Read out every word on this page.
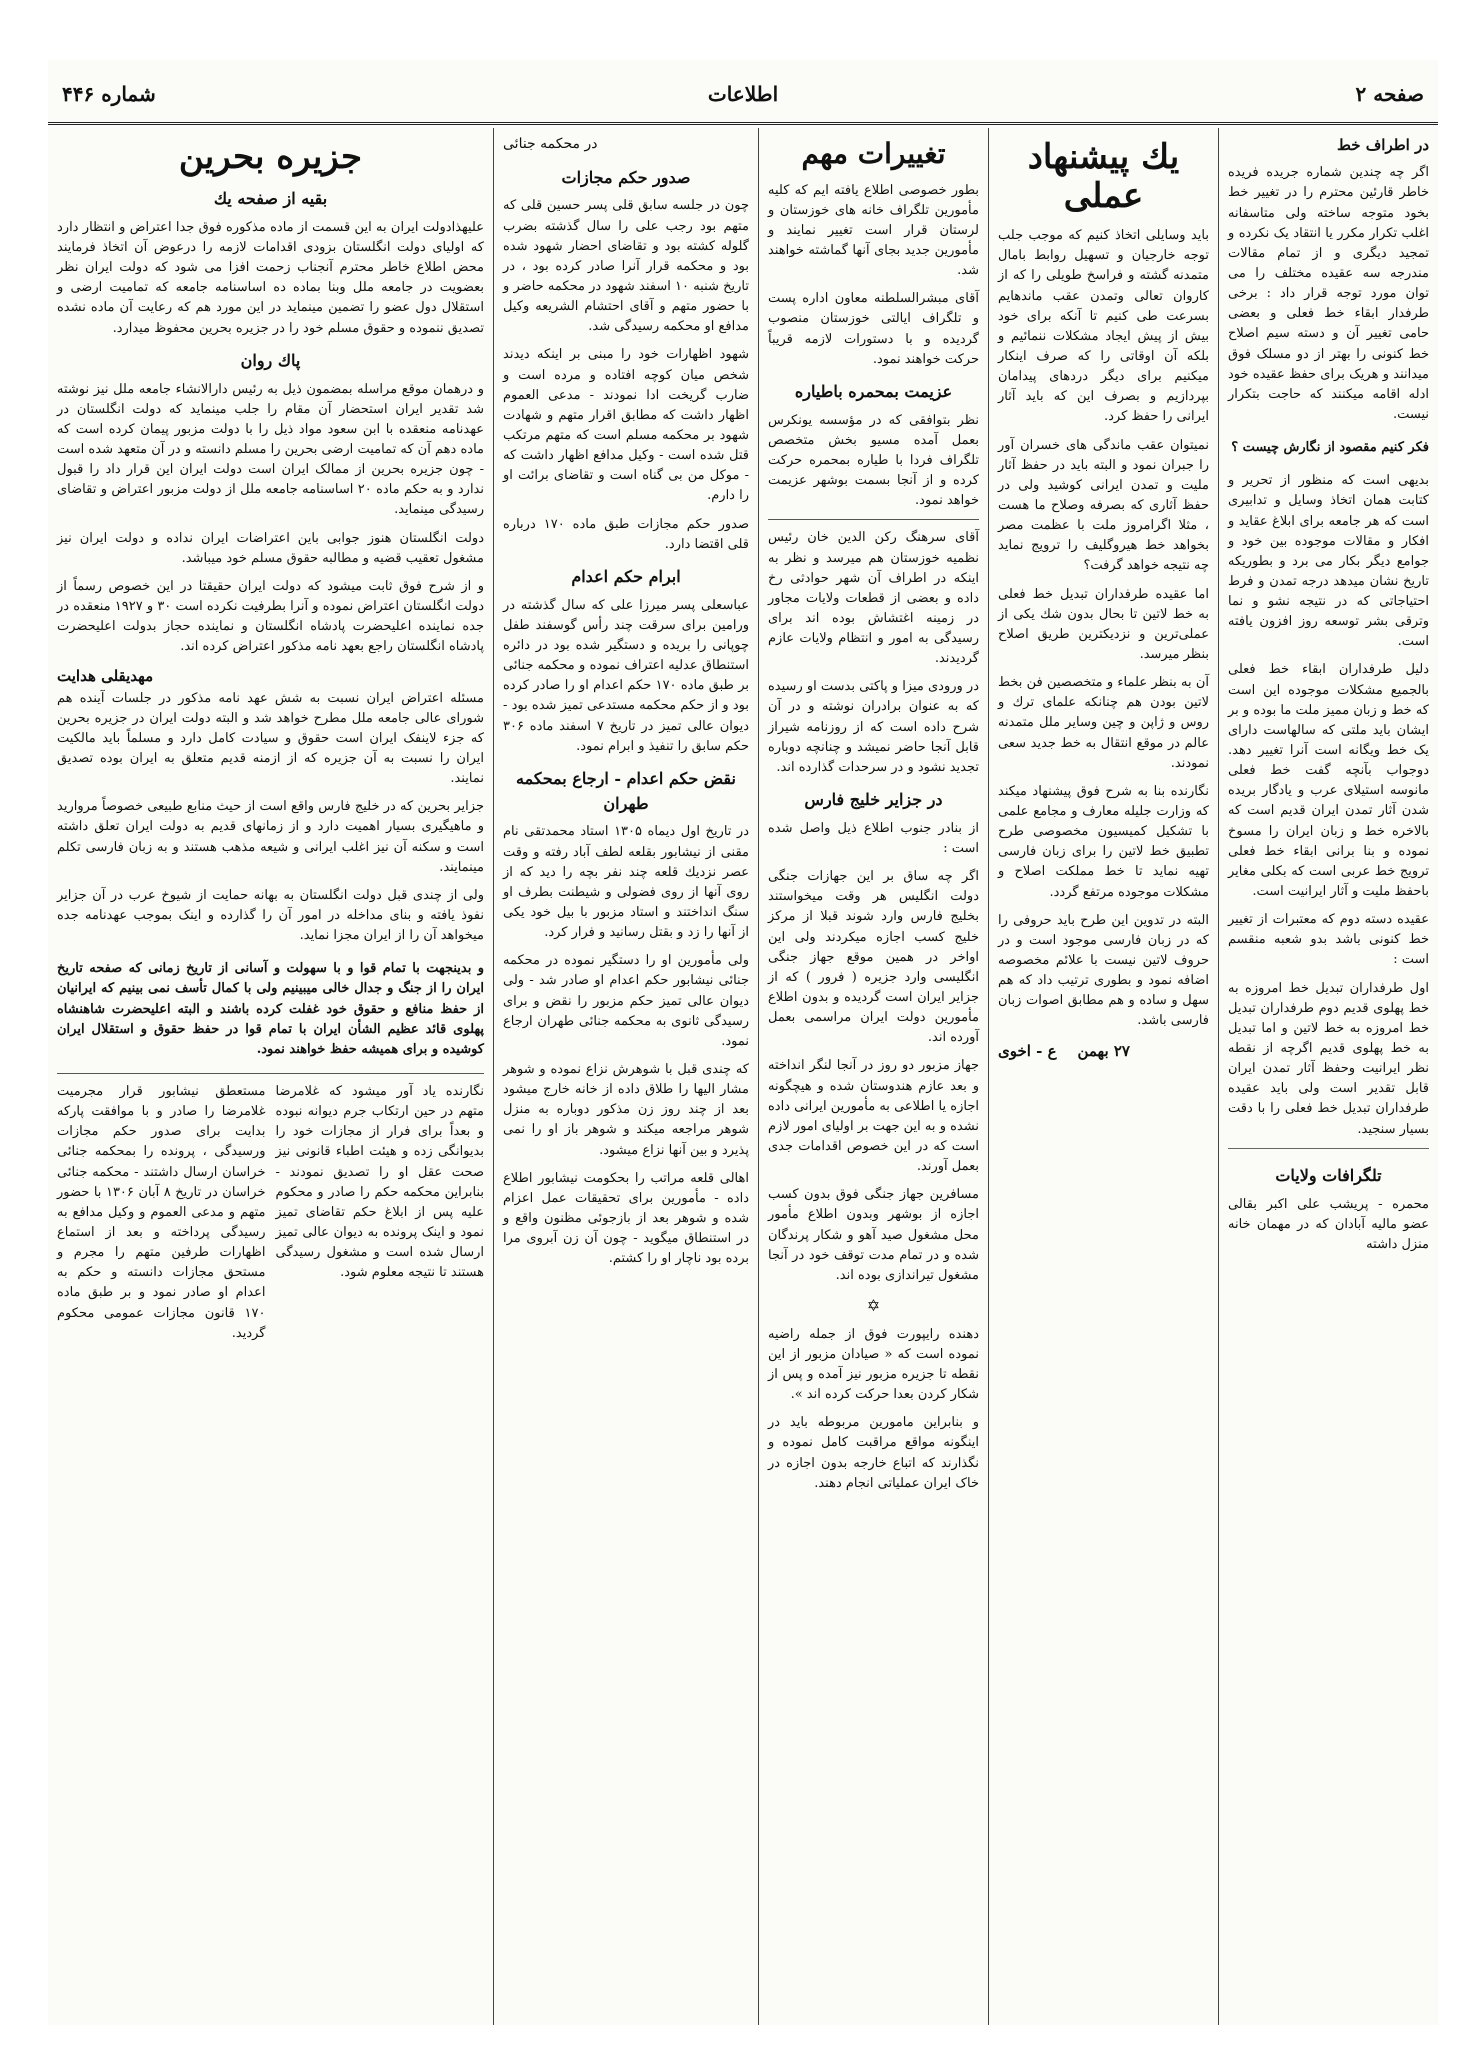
صفحه ۲
اطلاعات
شماره ۴۴۶
در اطراف خط

اگر چه چندین شماره جریده فریده خاطر قارئین محترم را در تغییر خط بخود متوجه ساخته ولی متاسفانه اغلب تکرار مکرر یا انتقاد یک نکرده و تمجید دیگری و از تمام مقالات مندرجه سه عقیده مختلف را می توان مورد توجه قرار داد : برخی طرفدار ابقاء خط فعلی و بعضی حامی تغییر آن و دسته سیم اصلاح خط کنونی را بهتر از دو مسلک فوق میدانند و هریک برای حفظ عقیده خود ادله اقامه میکنند که حاجت بتکرار نیست.

فکر کنیم مقصود از نگارش چیست ؟

بدیهی است که منظور از تحریر و کتابت همان اتخاذ وسایل و تدابیری است که هر جامعه برای ابلاغ عقاید و افکار و مقالات موجوده بین خود و جوامع دیگر بکار می برد و بطوریکه تاریخ نشان میدهد درجه تمدن و فرط احتیاجاتی که در نتیجه نشو و نما وترقی بشر توسعه روز افزون یافته است.

دلیل طرفداران ابقاء خط فعلی بالجمیع مشکلات موجوده این است که خط و زبان ممیز ملت ما بوده و بر ایشان باید ملتی که سالهاست دارای یک خط ویگانه است آنرا تغییر دهد. دوجواب بآنچه گفت خط فعلی مانوسه استیلای عرب و یادگار بریده شدن آثار تمدن ایران قدیم است که بالاخره خط و زبان ایران را مسوخ نموده و بنا برانی ابقاء خط فعلی ترویج خط عربی است که بکلی مغایر باحفظ ملیت و آثار ایرانیت است.

عقیده دسته دوم که معتبرات از تغییر خط کنونی باشد بدو شعبه منقسم است :

اول طرفداران تبدیل خط امروزه به خط پهلوی قدیم دوم طرفداران تبدیل خط امروزه به خط لاتین و اما تبدیل به خط پهلوی قدیم اگرچه از نقطه نظر ایرانیت وحفظ آثار تمدن ایران قابل تقدیر است ولی باید عقیده طرفداران تبدیل خط فعلی را با دقت بسیار سنجید.

تلگرافات ولایات

محمره - پریشب علی اکبر بقالی عضو مالیه آبادان که در مهمان خانه منزل داشته

یك پیشنهاد عملی

باید وسایلی اتخاذ کنیم که موجب جلب توجه خارجیان و تسهیل روابط بامال متمدنه گشته و فراسخ طویلی را که از کاروان تعالی وتمدن عقب ماندهایم بسرعت طی کنیم تا آنکه برای خود بیش از پیش ایجاد مشکلات ننمائیم و بلکه آن اوقاتی را که صرف اینکار میکنیم برای دیگر دردهای پیدامان بپردازیم و بصرف این که باید آثار ایرانی را حفظ کرد.

نمیتوان عقب ماندگی های خسران آور را جبران نمود و البته باید در حفظ آثار ملیت و تمدن ایرانی کوشید ولی در حفظ آثاری که بصرفه وصلاح ما هست ، مثلا اگرامروز ملت با عظمت مصر بخواهد خط هیروگلیف را ترویج نماید چه نتیجه خواهد گرفت؟

اما عقیده طرفداران تبدیل خط فعلی به خط لاتین تا بحال بدون شك یکی از عملی‌ترین و نزدیکترین طریق اصلاح بنظر میرسد.

آن به بنظر علماء و متخصصین فن بخط لاتین بودن هم چنانکه علمای ترك و روس و ژاپن و چین وسایر ملل متمدنه عالم در موقع انتقال به خط جدید سعی نمودند.

نگارنده بنا به شرح فوق پیشنهاد میکند که وزارت جلیله معارف و مجامع علمی با تشکیل کمیسیون مخصوصی طرح تطبیق خط لاتین را برای زبان فارسی تهیه نماید تا خط مملکت اصلاح و مشکلات موجوده مرتفع گردد.

البته در تدوین این طرح باید حروفی را که در زبان فارسی موجود است و در حروف لاتین نیست با علائم مخصوصه اضافه نمود و بطوری ترتیب داد که هم سهل و ساده و هم مطابق اصوات زبان فارسی باشد.

۲۷ بهمن    ع - اخوی
تغییرات مهم

بطور خصوصی اطلاع یافته ایم که کلیه مأمورین تلگراف خانه های خوزستان و لرستان قرار است تغییر نمایند و مأمورین جدید بجای آنها گماشته خواهند شد.

آقای مبشرالسلطنه معاون اداره پست و تلگراف ایالتی خوزستان منصوب گردیده و با دستورات لازمه قریباً حرکت خواهند نمود.

عزیمت بمحمره باطیاره

نظر بتوافقی که در مؤسسه یونکرس بعمل آمده مسیو بخش متخصص تلگراف فردا با طیاره بمحمره حرکت کرده و از آنجا بسمت بوشهر عزیمت خواهد نمود.

آقای سرهنگ رکن الدین خان رئیس نظمیه خوزستان هم میرسد و نظر به اینکه در اطراف آن شهر حوادثی رخ داده و بعضی از قطعات ولایات مجاور در زمینه اغتشاش بوده اند برای رسیدگی به امور و انتظام ولایات عازم گردیدند.

در ورودی میزا و پاکتی بدست او رسیده که به عنوان برادران نوشته و در آن شرح داده است که از روزنامه شیراز قابل آنجا حاضر نمیشد و چنانچه دوباره تجدید نشود و در سرحدات گذارده اند.

در جزایر خلیج فارس

از بنادر جنوب اطلاع ذیل واصل شده است :

اگر چه ساق بر این جهازات جنگی دولت انگلیس هر وقت میخواستند بخلیج فارس وارد شوند قبلا از مرکز خلیج کسب اجازه میکردند ولی این اواخر در همین موقع جهاز جنگی انگلیسی وارد جزیره ( فرور ) که از جزایر ایران است گردیده و بدون اطلاع مأمورین دولت ایران مراسمی بعمل آورده اند.

جهاز مزبور دو روز در آنجا لنگر انداخته و بعد عازم هندوستان شده و هیچگونه اجازه یا اطلاعی به مأمورین ایرانی داده نشده و به این جهت بر اولیای امور لازم است که در این خصوص اقدامات جدی بعمل آورند.

مسافرین جهاز جنگی فوق بدون کسب اجازه از بوشهر وبدون اطلاع مأمور محل مشغول صید آهو و شکار پرندگان شده و در تمام مدت توقف خود در آنجا مشغول تیراندازی بوده اند.

✡

دهنده رایپورت فوق از جمله راضیه نموده است که « صیادان مزبور از این نقطه تا جزیره مزبور نیز آمده و پس از شکار کردن بعدا حرکت کرده اند ».

و بنابراین مامورین مربوطه باید در اینگونه مواقع مراقبت کامل نموده و نگذارند که اتباع خارجه بدون اجازه در خاک ایران عملیاتی انجام دهند.

در محکمه جنائی
صدور حکم مجازات

چون در جلسه سابق قلی پسر حسین قلی که متهم بود رجب علی را سال گذشته بضرب گلوله کشته بود و تقاضای احضار شهود شده بود و محکمه قرار آنرا صادر کرده بود ، در تاریخ شنبه ۱۰ اسفند شهود در محکمه حاضر و با حضور متهم و آقای احتشام الشریعه وکیل مدافع او محکمه رسیدگی شد.

شهود اظهارات خود را مبنی بر اینکه دیدند شخص میان کوچه افتاده و مرده است و ضارب گریخت ادا نمودند - مدعی العموم اظهار داشت که مطابق اقرار متهم و شهادت شهود بر محکمه مسلم است که متهم مرتکب قتل شده است - وکیل مدافع اظهار داشت که - موکل من بی گناه است و تقاضای برائت او را دارم.

صدور حکم مجازات طبق ماده ۱۷۰ درباره قلی اقتضا دارد.

ابرام حکم اعدام

عباسعلی پسر میرزا علی که سال گذشته در ورامین برای سرقت چند رأس گوسفند طفل چوپانی را بریده و دستگیر شده بود در دائره استنطاق عدلیه اعتراف نموده و محکمه جنائی بر طبق ماده ۱۷۰ حکم اعدام او را صادر کرده بود و از حکم محکمه مستدعی تمیز شده بود - دیوان عالی تمیز در تاریخ ۷ اسفند ماده ۳۰۶ حکم سابق را تنفیذ و ابرام نمود.

نقض حکم اعدام - ارجاع بمحکمه طهران

در تاریخ اول دیماه ۱۳۰۵ استاد محمدتقی نام مقنی از نیشابور بقلعه لطف آباد رفته و وقت عصر نزدیك قلعه چند نفر بچه را دید که از روی آنها از روی فضولی و شیطنت بطرف او سنگ انداختند و استاد مزبور با بیل خود یکی از آنها را زد و بقتل رسانید و فرار کرد.

ولی مأمورین او را دستگیر نموده در محکمه جنائی نیشابور حکم اعدام او صادر شد - ولی دیوان عالی تمیز حکم مزبور را نقض و برای رسیدگی ثانوی به محکمه جنائی طهران ارجاع نمود.

که چندی قبل با شوهرش نزاع نموده و شوهر مشار الیها را طلاق داده از خانه خارج میشود بعد از چند روز زن مذکور دوباره به منزل شوهر مراجعه میکند و شوهر باز او را نمی پذیرد و بین آنها نزاع میشود.

اهالی قلعه مراتب را بحکومت نیشابور اطلاع داده - مأمورین برای تحقیقات عمل اعزام شده و شوهر بعد از بازجوئی مظنون واقع و در استنطاق میگوید - چون آن زن آبروی مرا برده بود ناچار او را کشتم.

جزیره بحرین
بقیه از صفحه یك

علیهذادولت ایران به این قسمت از ماده مذکوره فوق جدا اعتراض و انتظار دارد که اولیای دولت انگلستان بزودی اقدامات لازمه را درعوض آن اتخاذ فرمایند محض اطلاع خاطر محترم آنجناب زحمت افزا می شود که دولت ایران نظر بعضویت در جامعه ملل وبنا بماده ده اساسنامه جامعه که تمامیت ارضی و استقلال دول عضو را تضمین مینماید در این مورد هم که رعایت آن ماده نشده تصدیق ننموده و حقوق مسلم خود را در جزیره بحرین محفوظ میدارد.

پاك روان

و درهمان موقع مراسله بمضمون ذیل به رئیس دارالانشاء جامعه ملل نیز نوشته شد تقدیر ایران استحضار آن مقام را جلب مینماید که دولت انگلستان در عهدنامه منعقده با ابن سعود مواد ذیل را با دولت مزبور پیمان کرده است که ماده دهم آن که تمامیت ارضی بحرین را مسلم دانسته و در آن متعهد شده است - چون جزیره بحرین از ممالک ایران است دولت ایران این قرار داد را قبول ندارد و به حکم ماده ۲۰ اساسنامه جامعه ملل از دولت مزبور اعتراض و تقاضای رسیدگی مینماید.

دولت انگلستان هنوز جوابی باین اعتراضات ایران نداده و دولت ایران نیز مشغول تعقیب قضیه و مطالبه حقوق مسلم خود میباشد.

و از شرح فوق ثابت میشود که دولت ایران حقیقتا در این خصوص رسماً از دولت انگلستان اعتراض نموده و آنرا بطرفیت نکرده است ۳۰ و ۱۹۲۷ منعقده در جده نماینده اعلیحضرت پادشاه انگلستان و نماینده حجاز بدولت اعلیحضرت پادشاه انگلستان راجع بعهد نامه مذکور اعتراض کرده اند.

مهدیقلی هدایت

مسئله اعتراض ایران نسبت به شش عهد نامه مذکور در جلسات آینده هم شورای عالی جامعه ملل مطرح خواهد شد و البته دولت ایران در جزیره بحرین که جزء لاینفک ایران است حقوق و سیادت کامل دارد و مسلماً باید مالکیت ایران را نسبت به آن جزیره که از ازمنه قدیم متعلق به ایران بوده تصدیق نمایند.

جزایر بحرین که در خلیج فارس واقع است از حیث منابع طبیعی خصوصاً مروارید و ماهیگیری بسیار اهمیت دارد و از زمانهای قدیم به دولت ایران تعلق داشته است و سکنه آن نیز اغلب ایرانی و شیعه مذهب هستند و به زبان فارسی تکلم مینمایند.

ولی از چندی قبل دولت انگلستان به بهانه حمایت از شیوخ عرب در آن جزایر نفوذ یافته و بنای مداخله در امور آن را گذارده و اینک بموجب عهدنامه جده میخواهد آن را از ایران مجزا نماید.

و بدینجهت با تمام قوا و با سهولت و آسانی از تاریخ زمانی که صفحه تاریخ ایران را از جنگ و جدال خالی میبینیم ولی با کمال تأسف نمی بینیم که ایرانیان از حفظ منافع و حقوق خود غفلت کرده باشند و البته اعلیحضرت شاهنشاه پهلوی قائد عظیم الشأن ایران با تمام قوا در حفظ حقوق و استقلال ایران کوشیده و برای همیشه حفظ خواهند نمود.

مستعطق نیشابور قرار مجرمیت غلامرضا را صادر و با موافقت پارکه بدایت برای صدور حکم مجازات ورسیدگی ، پرونده را بمحکمه جنائی خراسان ارسال داشتند - محکمه جنائی خراسان در تاریخ ۸ آبان ۱۳۰۶ با حضور متهم و مدعی العموم و وکیل مدافع به رسیدگی پرداخته و بعد از استماع اظهارات طرفین متهم را مجرم و مستحق مجازات دانسته و حکم به اعدام او صادر نمود و بر طبق ماده ۱۷۰ قانون مجازات عمومی محکوم گردید.
نگارنده یاد آور میشود که غلامرضا متهم در حین ارتکاب جرم دیوانه نبوده و بعداً برای فرار از مجازات خود را بدیوانگی زده و هیئت اطباء قانونی نیز صحت عقل او را تصدیق نمودند - بنابراین محکمه حکم را صادر و محکوم علیه پس از ابلاغ حکم تقاضای تمیز نمود و اینک پرونده به دیوان عالی تمیز ارسال شده است و مشغول رسیدگی هستند تا نتیجه معلوم شود.
